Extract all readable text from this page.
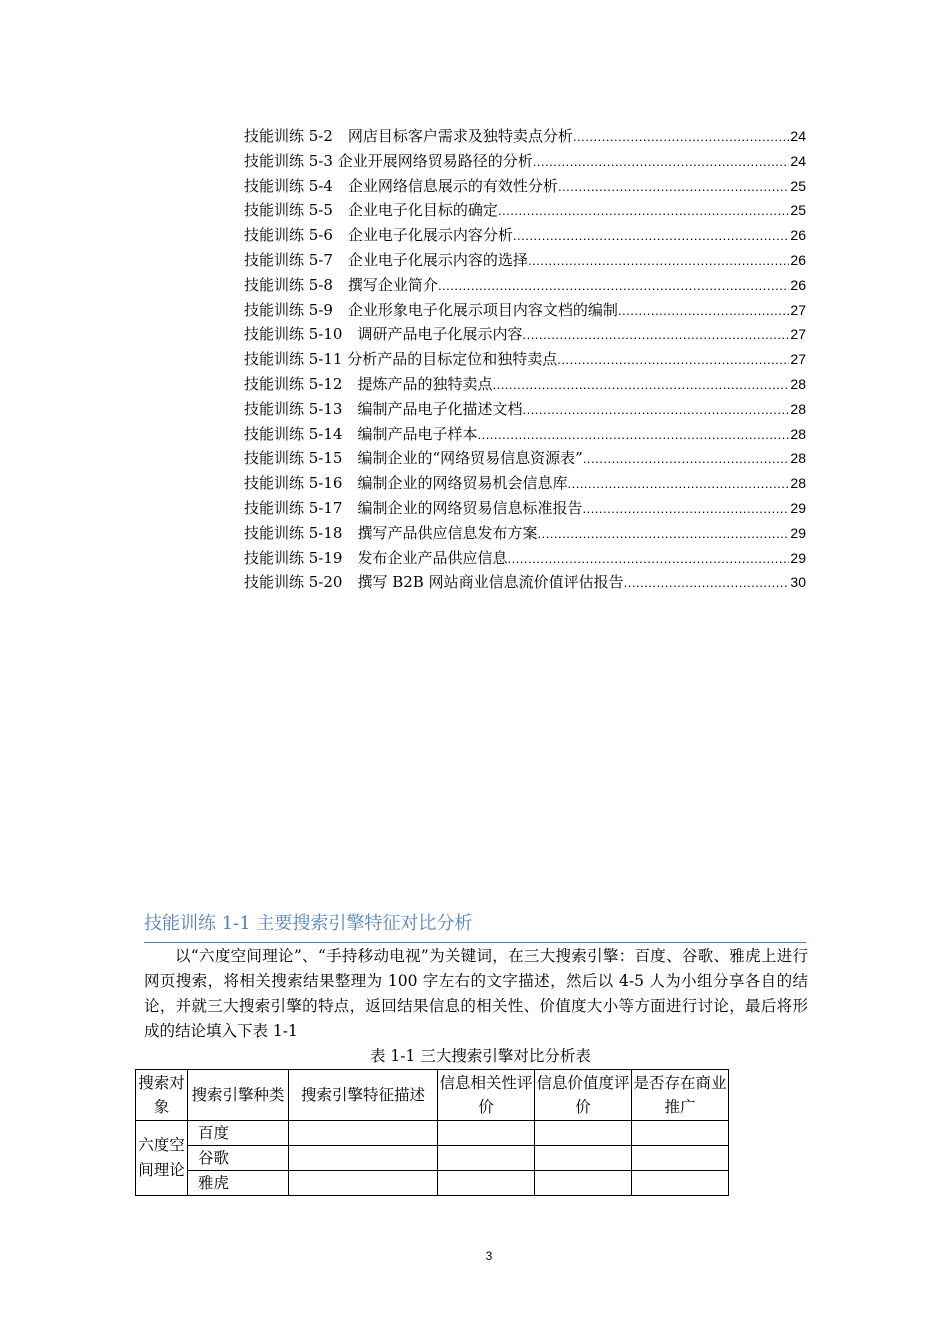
技能训练 5-2　网店目标客户需求及独特卖点分析 .....	24
技能训练 5-3 企业开展网络贸易路径的分析 .....	24
技能训练 5-4　企业网络信息展示的有效性分析 .....	25
技能训练 5-5　企业电子化目标的确定 .....	25
技能训练 5-6　企业电子化展示内容分析 .....	26
技能训练 5-7　企业电子化展示内容的选择 .....	26
技能训练 5-8　撰写企业简介 .....	26
技能训练 5-9　企业形象电子化展示项目内容文档的编制 .....	27
技能训练 5-10　调研产品电子化展示内容 .....	27
技能训练 5-11 分析产品的目标定位和独特卖点 .....	27
技能训练 5-12　提炼产品的独特卖点 .....	28
技能训练 5-13　编制产品电子化描述文档 .....	28
技能训练 5-14　编制产品电子样本 .....	28
技能训练 5-15　编制企业的“网络贸易信息资源表” .....	28
技能训练 5-16　编制企业的网络贸易机会信息库 .....	28
技能训练 5-17　编制企业的网络贸易信息标准报告 .....	29
技能训练 5-18　撰写产品供应信息发布方案 .....	29
技能训练 5-19　发布企业产品供应信息 .....	29
技能训练 5-20　撰写 B2B 网站商业信息流价值评估报告 .....	30
技能训练 1-1 主要搜索引擎特征对比分析
以“六度空间理论”、“手持移动电视”为关键词，在三大搜索引擎：百度、谷歌、雅虎上进行网页搜索，将相关搜索结果整理为 100 字左右的文字描述，然后以 4-5 人为小组分享各自的结论，并就三大搜索引擎的特点，返回结果信息的相关性、价值度大小等方面进行讨论，最后将形成的结论填入下表 1-1
表 1-1 三大搜索引擎对比分析表
搜索对象	搜索引擎种类	搜索引擎特征描述	信息相关性评价	信息价值度评价	是否存在商业推广
六度空间理论	百度				
	谷歌				
	雅虎				
3
